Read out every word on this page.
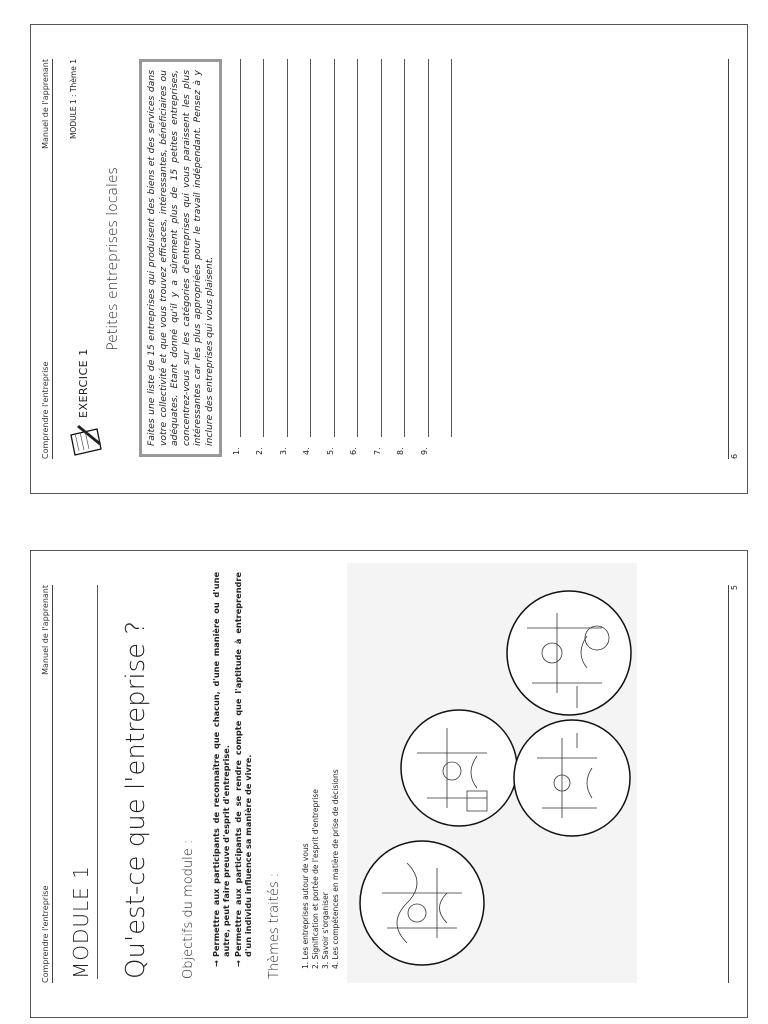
Comprendre l'entreprise
Manuel de l'apprenant
MODULE 1 Qu'est-ce que l'entreprise ? Objectifs du module : → Permettre aux participants de reconnaître que chacun, d'une manière ou d'une autre, peut faire preuve d'esprit d'entreprise. → Permettre aux participants de se rendre compte que l'aptitude à entreprendre d'un individu influence sa manière de vivre. Thèmes traités :	1. Les entreprises autour de vous 2. Signification et portée de l'esprit d'entreprise 3. Savoir s'organiser 4. Les compétences en matière de prise de décisions
5
Comprendre l'entreprise
Manuel de l'apprenant
EXERCICE 1
MODULE 1 : Thème 1
Petites entreprises locales	Faites une liste de 15 entreprises qui produisent des biens et des services dans votre collectivité et que vous trouvez efficaces, intéressantes, bénéficiaires ou adéquates. Etant donné qu'il y a sûrement plus de 15 petites entreprises, concentrez-vous sur les catégories d'entreprises qui vous paraissent les plus intéressantes car les plus appropriées pour le travail indépendant. Pensez à y inclure des entreprises qui vous plaisent.
1. 2. 3. 4. 5. 6. 7. 8. 9.
6
